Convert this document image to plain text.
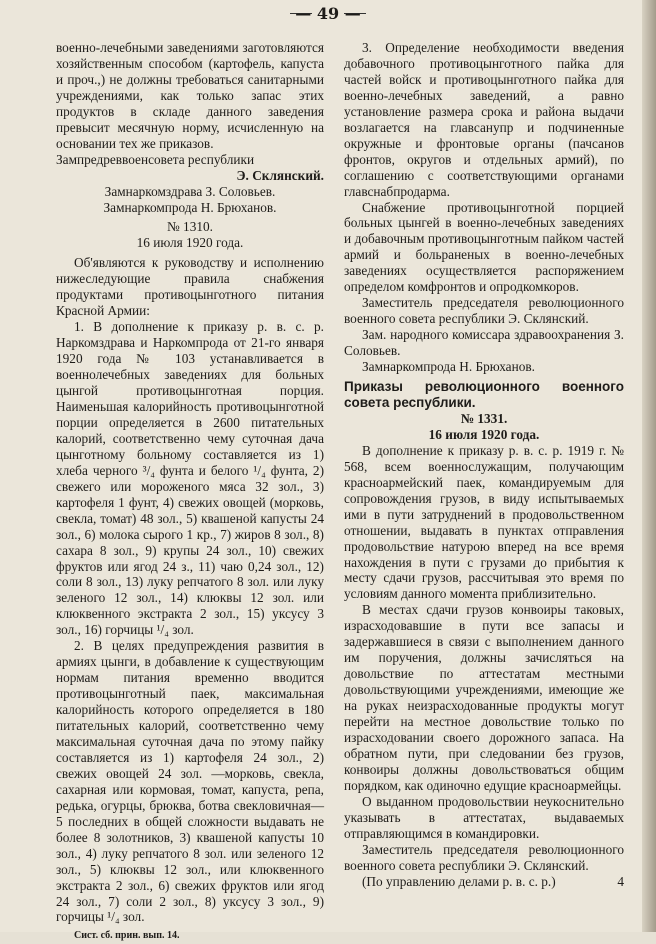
— 49 —

военно-лечебными заведениями заготовляются хозяйственным способом (картофель, капуста и проч.,) не должны требоваться санитарными учреждениями, как только запас этих продуктов в складе данного заведения превысит месячную норму, исчисленную на основании тех же приказов.

Зампредреввоенсовета республики

Э. Склянский.

Замнаркомздрава З. Соловьев.

Замнаркомпрода Н. Брюханов.

№ 1310.

16 июля 1920 года.

Об'являются к руководству и исполнению нижеследующие правила снабжения продуктами противоцынготного питания Красной Армии:

1. В дополнение к приказу р. в. с. р. Наркомздрава и Наркомпрода от 21-го января 1920 года № 103 устанавливается в военнолечебных заведениях для больных цынгой противоцынготная порция. Наименьшая калорийность противоцынготной порции определяется в 2600 питательных калорий, соответственно чему суточная дача цынготному больному составляется из 1) хлеба черного ³/₄ фунта и белого ¹/₄ фунта, 2) свежего или мороженого мяса 32 зол., 3) картофеля 1 фунт, 4) свежих овощей (морковь, свекла, томат) 48 зол., 5) квашеной капусты 24 зол., 6) молока сырого 1 кр., 7) жиров 8 зол., 8) сахара 8 зол., 9) крупы 24 зол., 10) свежих фруктов или ягод 24 з., 11) чаю 0,24 зол., 12) соли 8 зол., 13) луку репчатого 8 зол. или луку зеленого 12 зол., 14) клюквы 12 зол. или клюквенного экстракта 2 зол., 15) уксусу 3 зол., 16) горчицы ¹/₄ зол.

2. В целях предупреждения развития в армиях цынги, в добавление к существующим нормам питания временно вводится противоцынготный паек, максимальная калорийность которого определяется в 180 питательных калорий, соответственно чему максимальная суточная дача по этому пайку составляется из 1) картофеля 24 зол., 2) свежих овощей 24 зол. —морковь, свекла, сахарная или кормовая, томат, капуста, репа, редька, огурцы, брюква, ботва свекловичная—5 последних в общей сложности выдавать не более 8 золотников, 3) квашеной капусты 10 зол., 4) луку репчатого 8 зол. или зеленого 12 зол., 5) клюквы 12 зол., или клюквенного экстракта 2 зол., 6) свежих фруктов или ягод 24 зол., 7) соли 2 зол., 8) уксусу 3 зол., 9) горчицы ¹/₄ зол.

Сист. сб. прин. вып. 14.

3. Определение необходимости введения добавочного противоцынготного пайка для частей войск и противоцынготного пайка для военно-лечебных заведений, а равно установление размера срока и района выдачи возлагается на главсанупр и подчиненные окружные и фронтовые органы (пачсанов фронтов, округов и отдельных армий), по соглашению с соответствующими органами главснабпродарма.

Снабжение противоцынготной порцией больных цынгей в военно-лечебных заведениях и добавочным противоцынготным пайком частей армий и больраненых в военно-лечебных заведениях осуществляется распоряжением определом комфронтов и опродкомкоров.

Заместитель председателя революционного военного совета республики Э. Склянский.

Зам. народного комиссара здравоохранения З. Соловьев.

Замнаркомпрода Н. Брюханов.

Приказы революционного военного совета республики.

№ 1331.

16 июля 1920 года.

В дополнение к приказу р. в. с. р. 1919 г. № 568, всем военнослужащим, получающим красноармейский паек, командируемым для сопровождения грузов, в виду испытываемых ими в пути затруднений в продовольственном отношении, выдавать в пунктах отправления продовольствие натурою вперед на все время нахождения в пути с грузами до прибытия к месту сдачи грузов, рассчитывая это время по условиям данного момента приблизительно.

В местах сдачи грузов конвоиры таковых, израсходовавшие в пути все запасы и задержавшиеся в связи с выполнением данного им поручения, должны зачисляться на довольствие по аттестатам местными довольствующими учреждениями, имеющие же на руках неизрасходованные продукты могут перейти на местное довольствие только по израсходовании своего дорожного запаса. На обратном пути, при следовании без грузов, конвоиры должны довольствоваться общим порядком, как одиночно едущие красноармейцы.

О выданном продовольствии неукоснительно указывать в аттестатах, выдаваемых отправляющимся в командировки.

Заместитель председателя революционного военного совета республики Э. Склянский.

(По управлению делами р. в. с. р.)	4
